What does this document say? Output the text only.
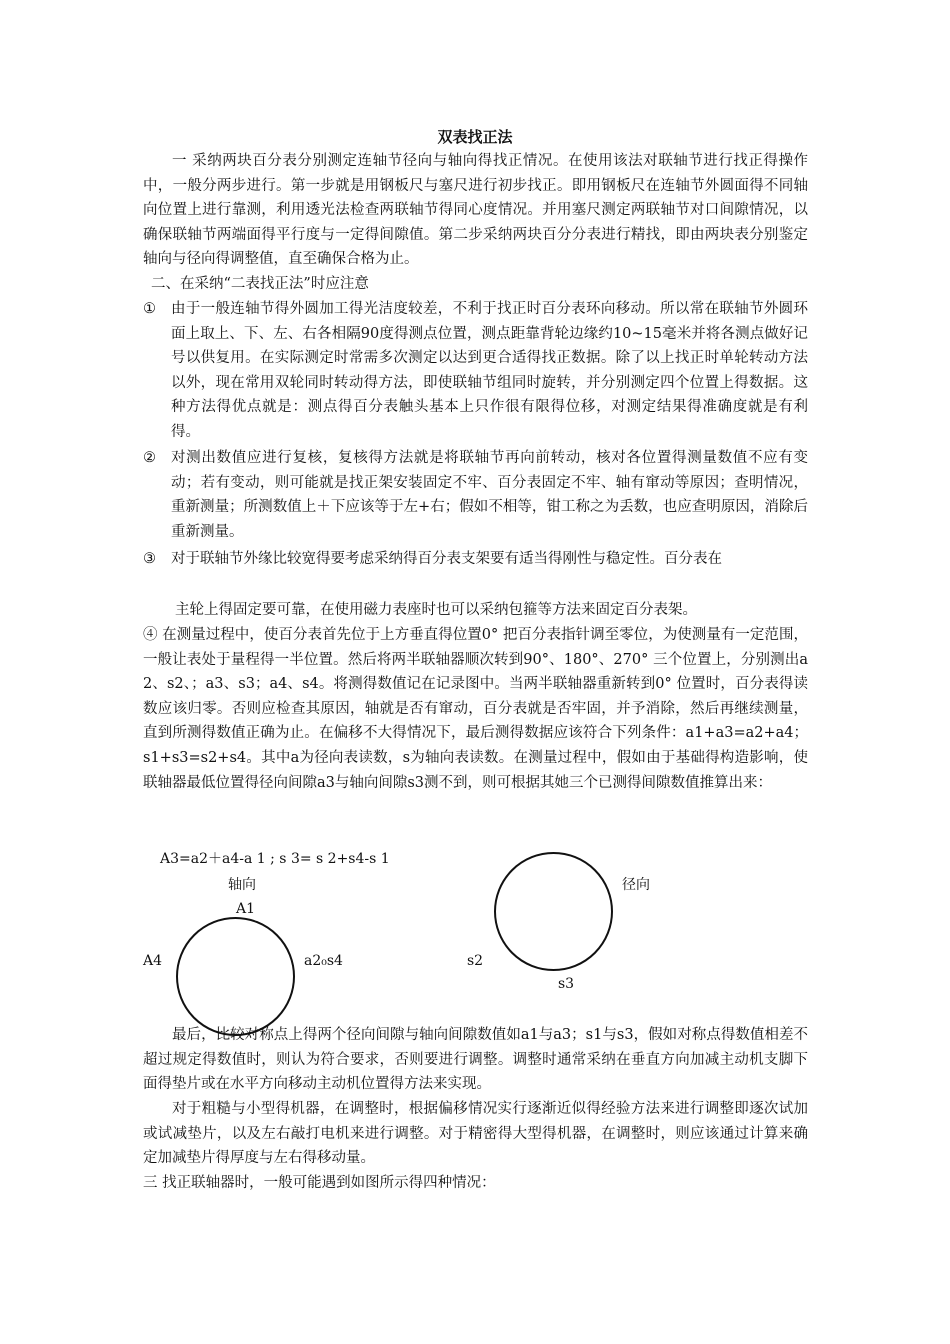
双表找正法
一 采纳两块百分表分别测定连轴节径向与轴向得找正情况。在使用该法对联轴节进行找正得操作中，一般分两步进行。第一步就是用钢板尺与塞尺进行初步找正。即用钢板尺在连轴节外圆面得不同轴向位置上进行靠测，利用透光法检查两联轴节得同心度情况。并用塞尺测定两联轴节对口间隙情况，以确保联轴节两端面得平行度与一定得间隙值。第二步采纳两块百分分表进行精找，即由两块表分别鉴定轴向与径向得调整值，直至确保合格为止。
二、在采纳“二表找正法”时应注意
① 由于一般连轴节得外圆加工得光洁度较差，不利于找正时百分表环向移动。所以常在联轴节外圆环面上取上、下、左、右各相隔90度得测点位置，测点距靠背轮边缘约10~15毫米并将各测点做好记号以供复用。在实际测定时常需多次测定以达到更合适得找正数据。除了以上找正时单轮转动方法以外，现在常用双轮同时转动得方法，即使联轴节组同时旋转，并分别测定四个位置上得数据。这种方法得优点就是：测点得百分表触头基本上只作很有限得位移，对测定结果得准确度就是有利得。
② 对测出数值应进行复核，复核得方法就是将联轴节再向前转动，核对各位置得测量数值不应有变动；若有变动，则可能就是找正架安装固定不牢、百分表固定不牢、轴有窜动等原因；查明情况，重新测量；所测数值上＋下应该等于左+右；假如不相等，钳工称之为丢数，也应查明原因，消除后重新测量。
③ 对于联轴节外缘比较宽得要考虑采纳得百分表支架要有适当得刚性与稳定性。百分表在
主轮上得固定要可靠，在使用磁力表座时也可以采纳包箍等方法来固定百分表架。
④ 在测量过程中，使百分表首先位于上方垂直得位置0° 把百分表指针调至零位，为使测量有一定范围，一般让表处于量程得一半位置。然后将两半联轴器顺次转到90°、180°、270° 三个位置上，分别测出a2、s2、；a3、s3；a4、s4。将测得数值记在记录图中。当两半联轴器重新转到0° 位置时，百分表得读数应该归零。否则应检查其原因，轴就是否有窜动，百分表就是否牢固，并予消除，然后再继续测量，直到所测得数值正确为止。在偏移不大得情况下，最后测得数据应该符合下列条件：a1+a3=a2+a4；s1+s3=s2+s4。其中a为径向表读数，s为轴向表读数。在测量过程中，假如由于基础得构造影响，使联轴器最低位置得径向间隙a3与轴向间隙s3测不到，则可根据其她三个已测得间隙数值推算出来：
A3=a2＋a4-a 1 ; s 3= s 2+s4-s 1
轴向
A1
A4	a2₀s4
径向
s2
s3
最后，比较对称点上得两个径向间隙与轴向间隙数值如a1与a3；s1与s3，假如对称点得数值相差不超过规定得数值时，则认为符合要求，否则要进行调整。调整时通常采纳在垂直方向加减主动机支脚下面得垫片或在水平方向移动主动机位置得方法来实现。
对于粗糙与小型得机器，在调整时，根据偏移情况实行逐渐近似得经验方法来进行调整即逐次试加或试减垫片，以及左右敲打电机来进行调整。对于精密得大型得机器，在调整时，则应该通过计算来确定加减垫片得厚度与左右得移动量。
三 找正联轴器时，一般可能遇到如图所示得四种情况：
